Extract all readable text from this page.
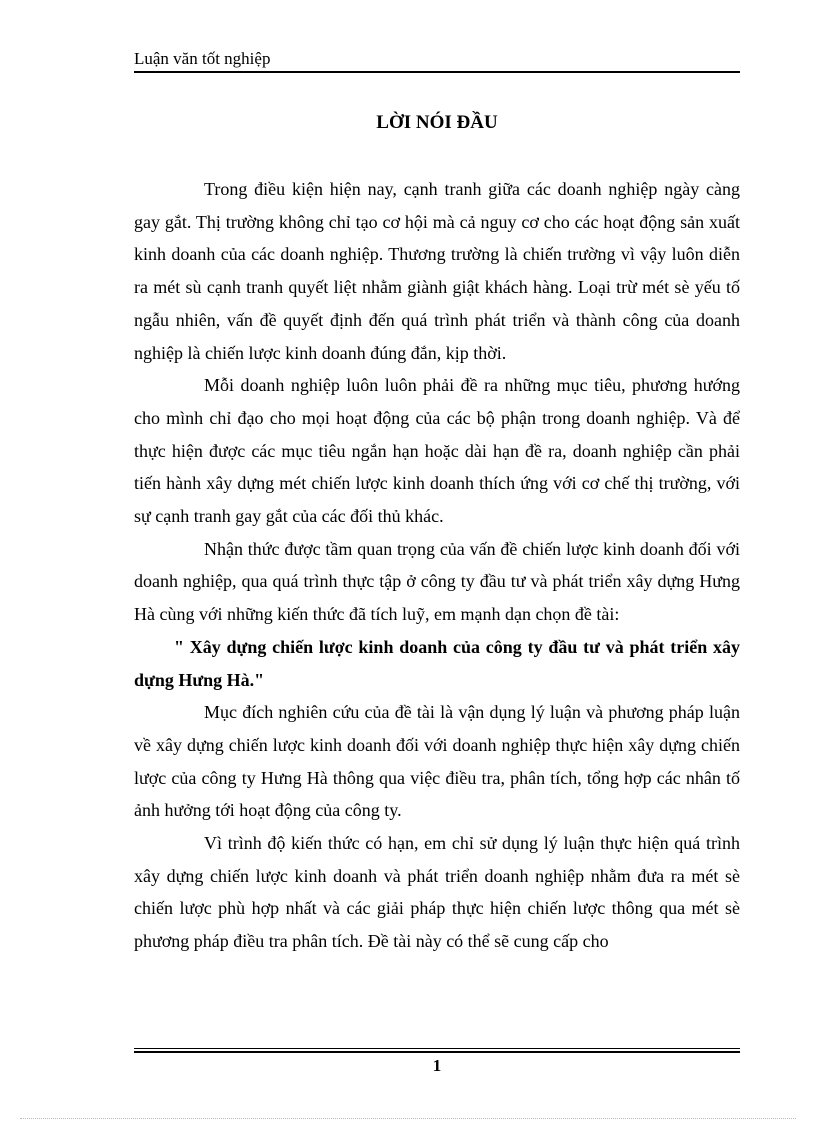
Luận văn tốt nghiệp
LỜI NÓI ĐẦU

Trong điều kiện hiện nay, cạnh tranh giữa các doanh nghiệp ngày càng gay gắt. Thị trường không chỉ tạo cơ hội mà cả nguy cơ cho các hoạt động sản xuất kinh doanh của các doanh nghiệp. Thương trường là chiến trường vì vậy luôn diễn ra mét sù cạnh tranh quyết liệt nhằm giành giật khách hàng. Loại trừ mét sè yếu tố ngẫu nhiên, vấn đề quyết định đến quá trình phát triển và thành công của doanh nghiệp là chiến lược kinh doanh đúng đắn, kịp thời.

Mỗi doanh nghiệp luôn luôn phải đề ra những mục tiêu, phương hướng cho mình chỉ đạo cho mọi hoạt động của các bộ phận trong doanh nghiệp. Và để thực hiện được các mục tiêu ngắn hạn hoặc dài hạn đề ra, doanh nghiệp cần phải tiến hành xây dựng mét chiến lược kinh doanh thích ứng với cơ chế thị trường, với sự cạnh tranh gay gắt của các đối thủ khác.

Nhận thức được tầm quan trọng của vấn đề chiến lược kinh doanh đối với doanh nghiệp, qua quá trình thực tập ở công ty đầu tư và phát triển xây dựng Hưng Hà cùng với những kiến thức đã tích luỹ, em mạnh dạn chọn đề tài:

" Xây dựng chiến lược kinh doanh của công ty đầu tư và phát triển xây dựng Hưng Hà."

Mục đích nghiên cứu của đề tài là vận dụng lý luận và phương pháp luận về xây dựng chiến lược kinh doanh đối với doanh nghiệp thực hiện xây dựng chiến lược của công ty Hưng Hà thông qua việc điều tra, phân tích, tổng hợp các nhân tố ảnh hưởng tới hoạt động của công ty.

Vì trình độ kiến thức có hạn, em chỉ sử dụng lý luận thực hiện quá trình xây dựng chiến lược kinh doanh và phát triển doanh nghiệp nhằm đưa ra mét sè chiến lược phù hợp nhất và các giải pháp thực hiện chiến lược thông qua mét sè phương pháp điều tra phân tích. Đề tài này có thể sẽ cung cấp cho

1
